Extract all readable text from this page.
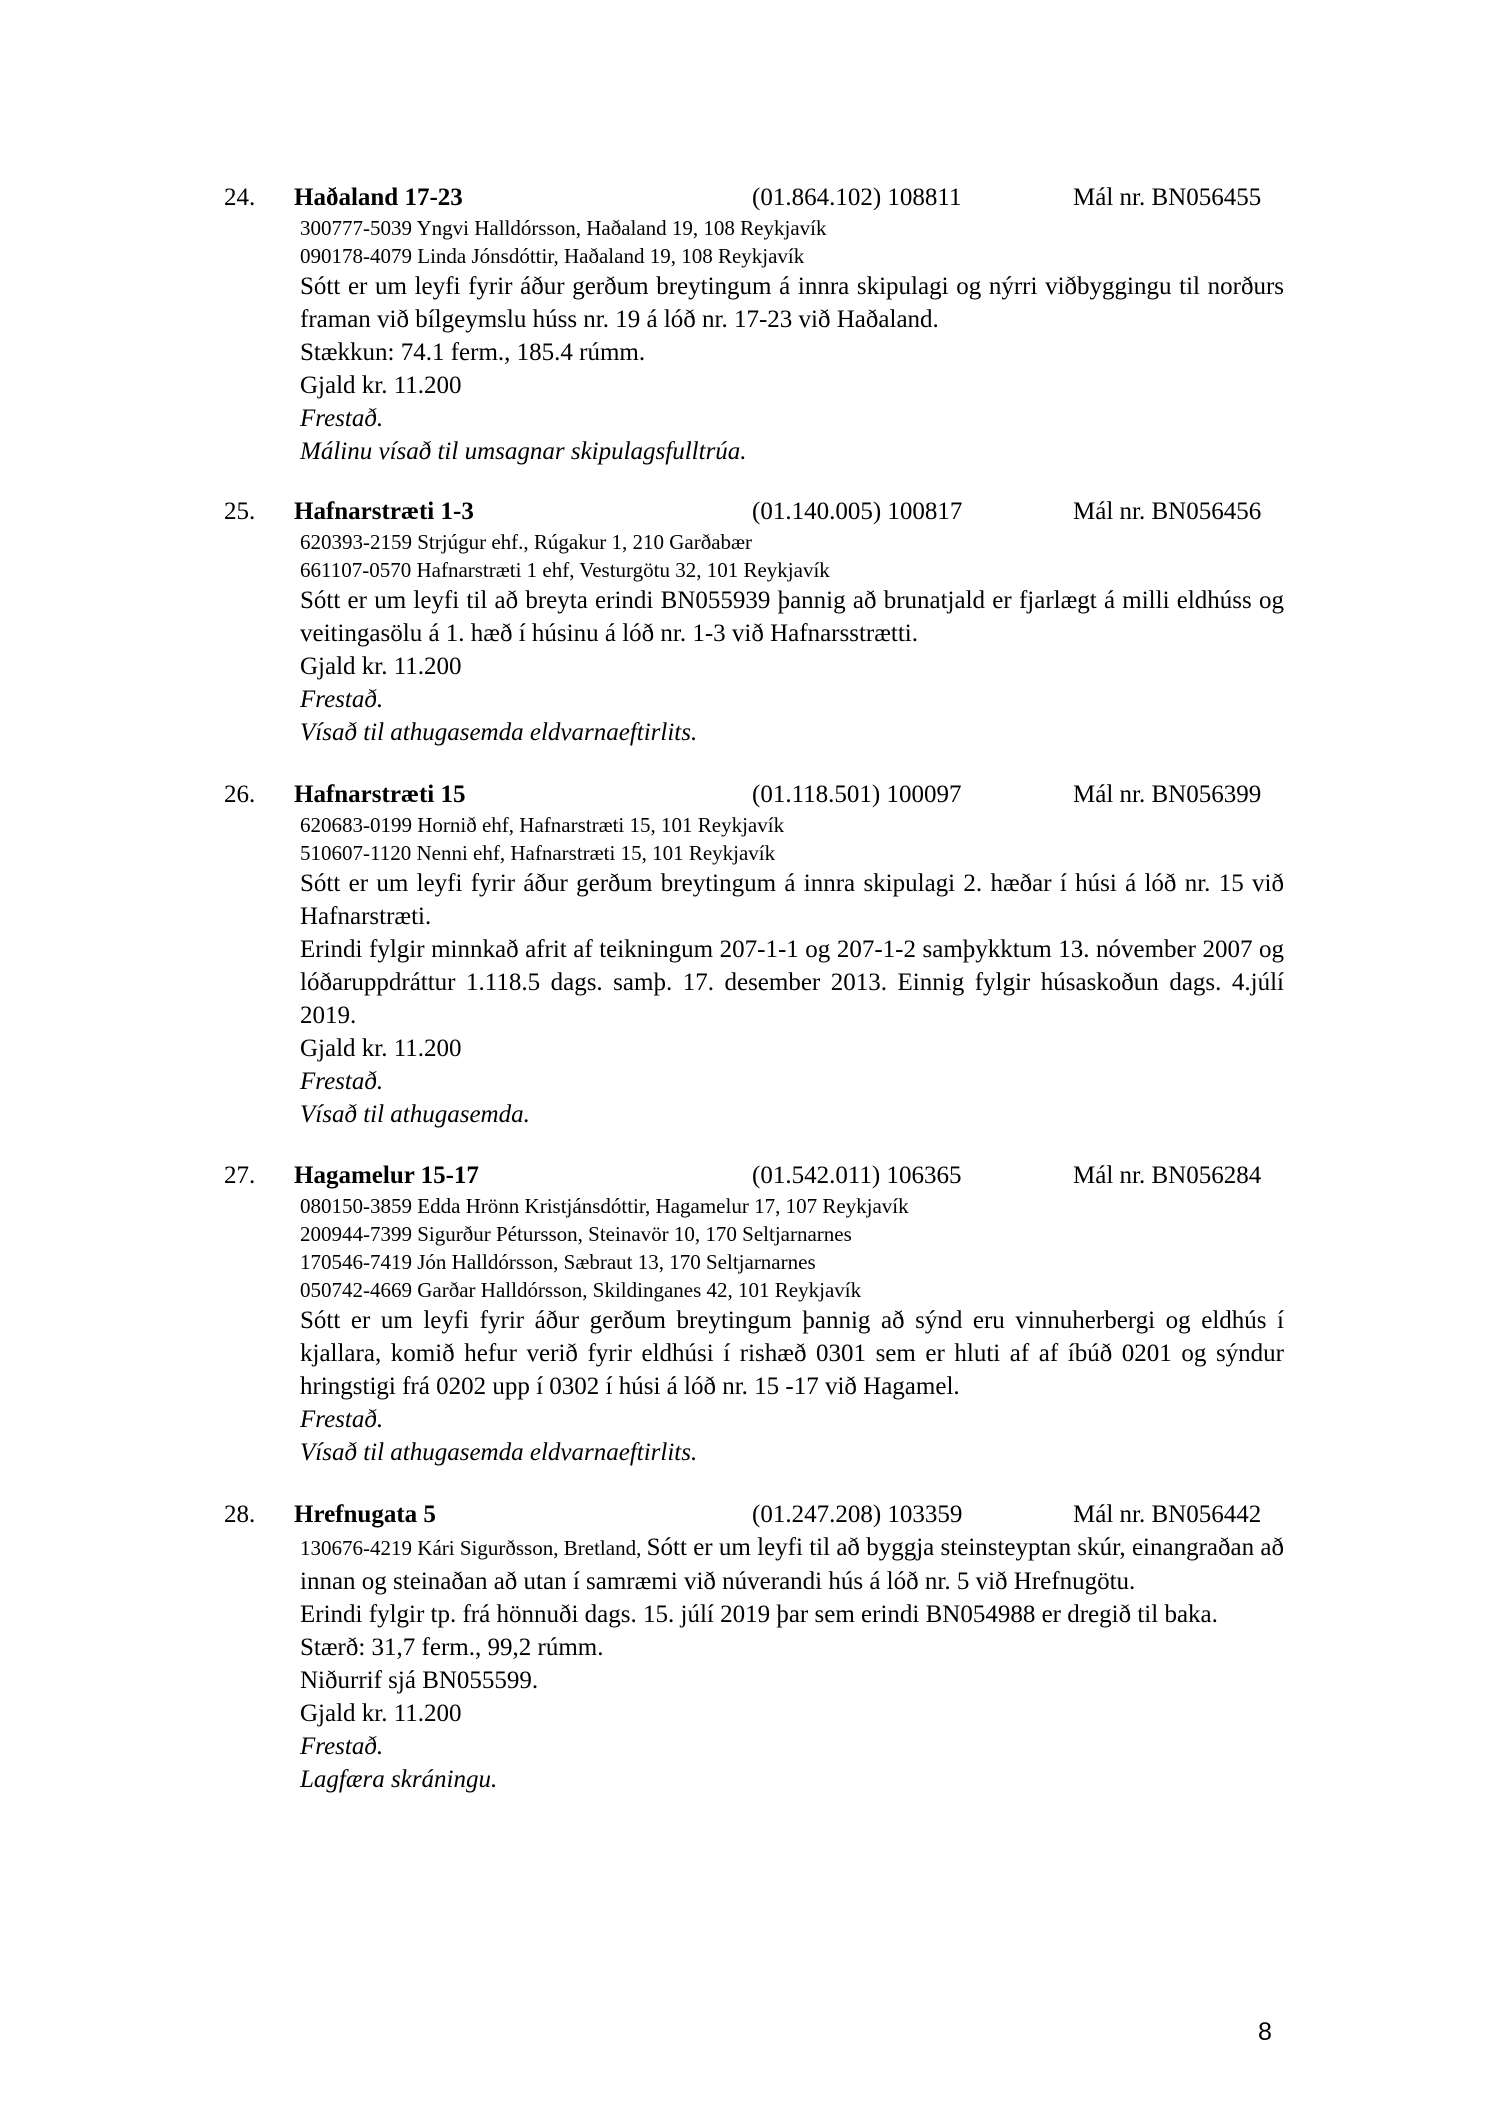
24. Haðaland 17-23	(01.864.102) 108811	Mál nr. BN056455
300777-5039 Yngvi Halldórsson, Haðaland 19, 108 Reykjavík
090178-4079 Linda Jónsdóttir, Haðaland 19, 108 Reykjavík
Sótt er um leyfi fyrir áður gerðum breytingum á innra skipulagi og nýrri viðbyggingu til norðurs framan við bílgeymslu húss nr. 19 á lóð nr. 17-23 við Haðaland.
Stækkun: 74.1 ferm., 185.4 rúmm.
Gjald kr. 11.200
Frestað.
Málinu vísað til umsagnar skipulagsfulltrúa.
25. Hafnarstræti 1-3	(01.140.005) 100817	Mál nr. BN056456
620393-2159 Strjúgur ehf., Rúgakur 1, 210 Garðabær
661107-0570 Hafnarstræti 1 ehf, Vesturgötu 32, 101 Reykjavík
Sótt er um leyfi til að breyta erindi BN055939 þannig að brunatjald er fjarlægt á milli eldhúss og veitingasölu á 1. hæð í húsinu á lóð nr. 1-3 við Hafnarsstrætti.
Gjald kr. 11.200
Frestað.
Vísað til athugasemda eldvarnaeftirlits.
26. Hafnarstræti 15	(01.118.501) 100097	Mál nr. BN056399
620683-0199 Hornið ehf, Hafnarstræti 15, 101 Reykjavík
510607-1120 Nenni ehf, Hafnarstræti 15, 101 Reykjavík
Sótt er um leyfi fyrir áður gerðum breytingum á innra skipulagi 2. hæðar í húsi á lóð nr. 15 við Hafnarstræti.
Erindi fylgir minnkað afrit af teikningum 207-1-1 og 207-1-2 samþykktum 13. nóvember 2007 og lóðaruppdráttur 1.118.5 dags. samþ. 17. desember 2013. Einnig fylgir húsaskoðun dags. 4.júlí 2019.
Gjald kr. 11.200
Frestað.
Vísað til athugasemda.
27. Hagamelur 15-17	(01.542.011) 106365	Mál nr. BN056284
080150-3859 Edda Hrönn Kristjánsdóttir, Hagamelur 17, 107 Reykjavík
200944-7399 Sigurður Pétursson, Steinavör 10, 170 Seltjarnarnes
170546-7419 Jón Halldórsson, Sæbraut 13, 170 Seltjarnarnes
050742-4669 Garðar Halldórsson, Skildinganes 42, 101 Reykjavík
Sótt er um leyfi fyrir áður gerðum breytingum þannig að sýnd eru vinnuherbergi og eldhús í kjallara, komið hefur verið fyrir eldhúsi í rishæð 0301 sem er hluti af af íbúð 0201 og sýndur hringstigi frá 0202 upp í 0302 í húsi á lóð nr. 15 -17 við Hagamel.
Frestað.
Vísað til athugasemda eldvarnaeftirlits.
28. Hrefnugata 5	(01.247.208) 103359	Mál nr. BN056442
130676-4219 Kári Sigurðsson, Bretland, Sótt er um leyfi til að byggja steinsteyptan skúr, einangraðan að innan og steinaðan að utan í samræmi við núverandi hús á lóð nr. 5 við Hrefnugötu.
Erindi fylgir tp. frá hönnuði dags. 15. júlí 2019 þar sem erindi BN054988 er dregið til baka.
Stærð: 31,7 ferm., 99,2 rúmm.
Niðurrif sjá BN055599.
Gjald kr. 11.200
Frestað.
Lagfæra skráningu.
8
